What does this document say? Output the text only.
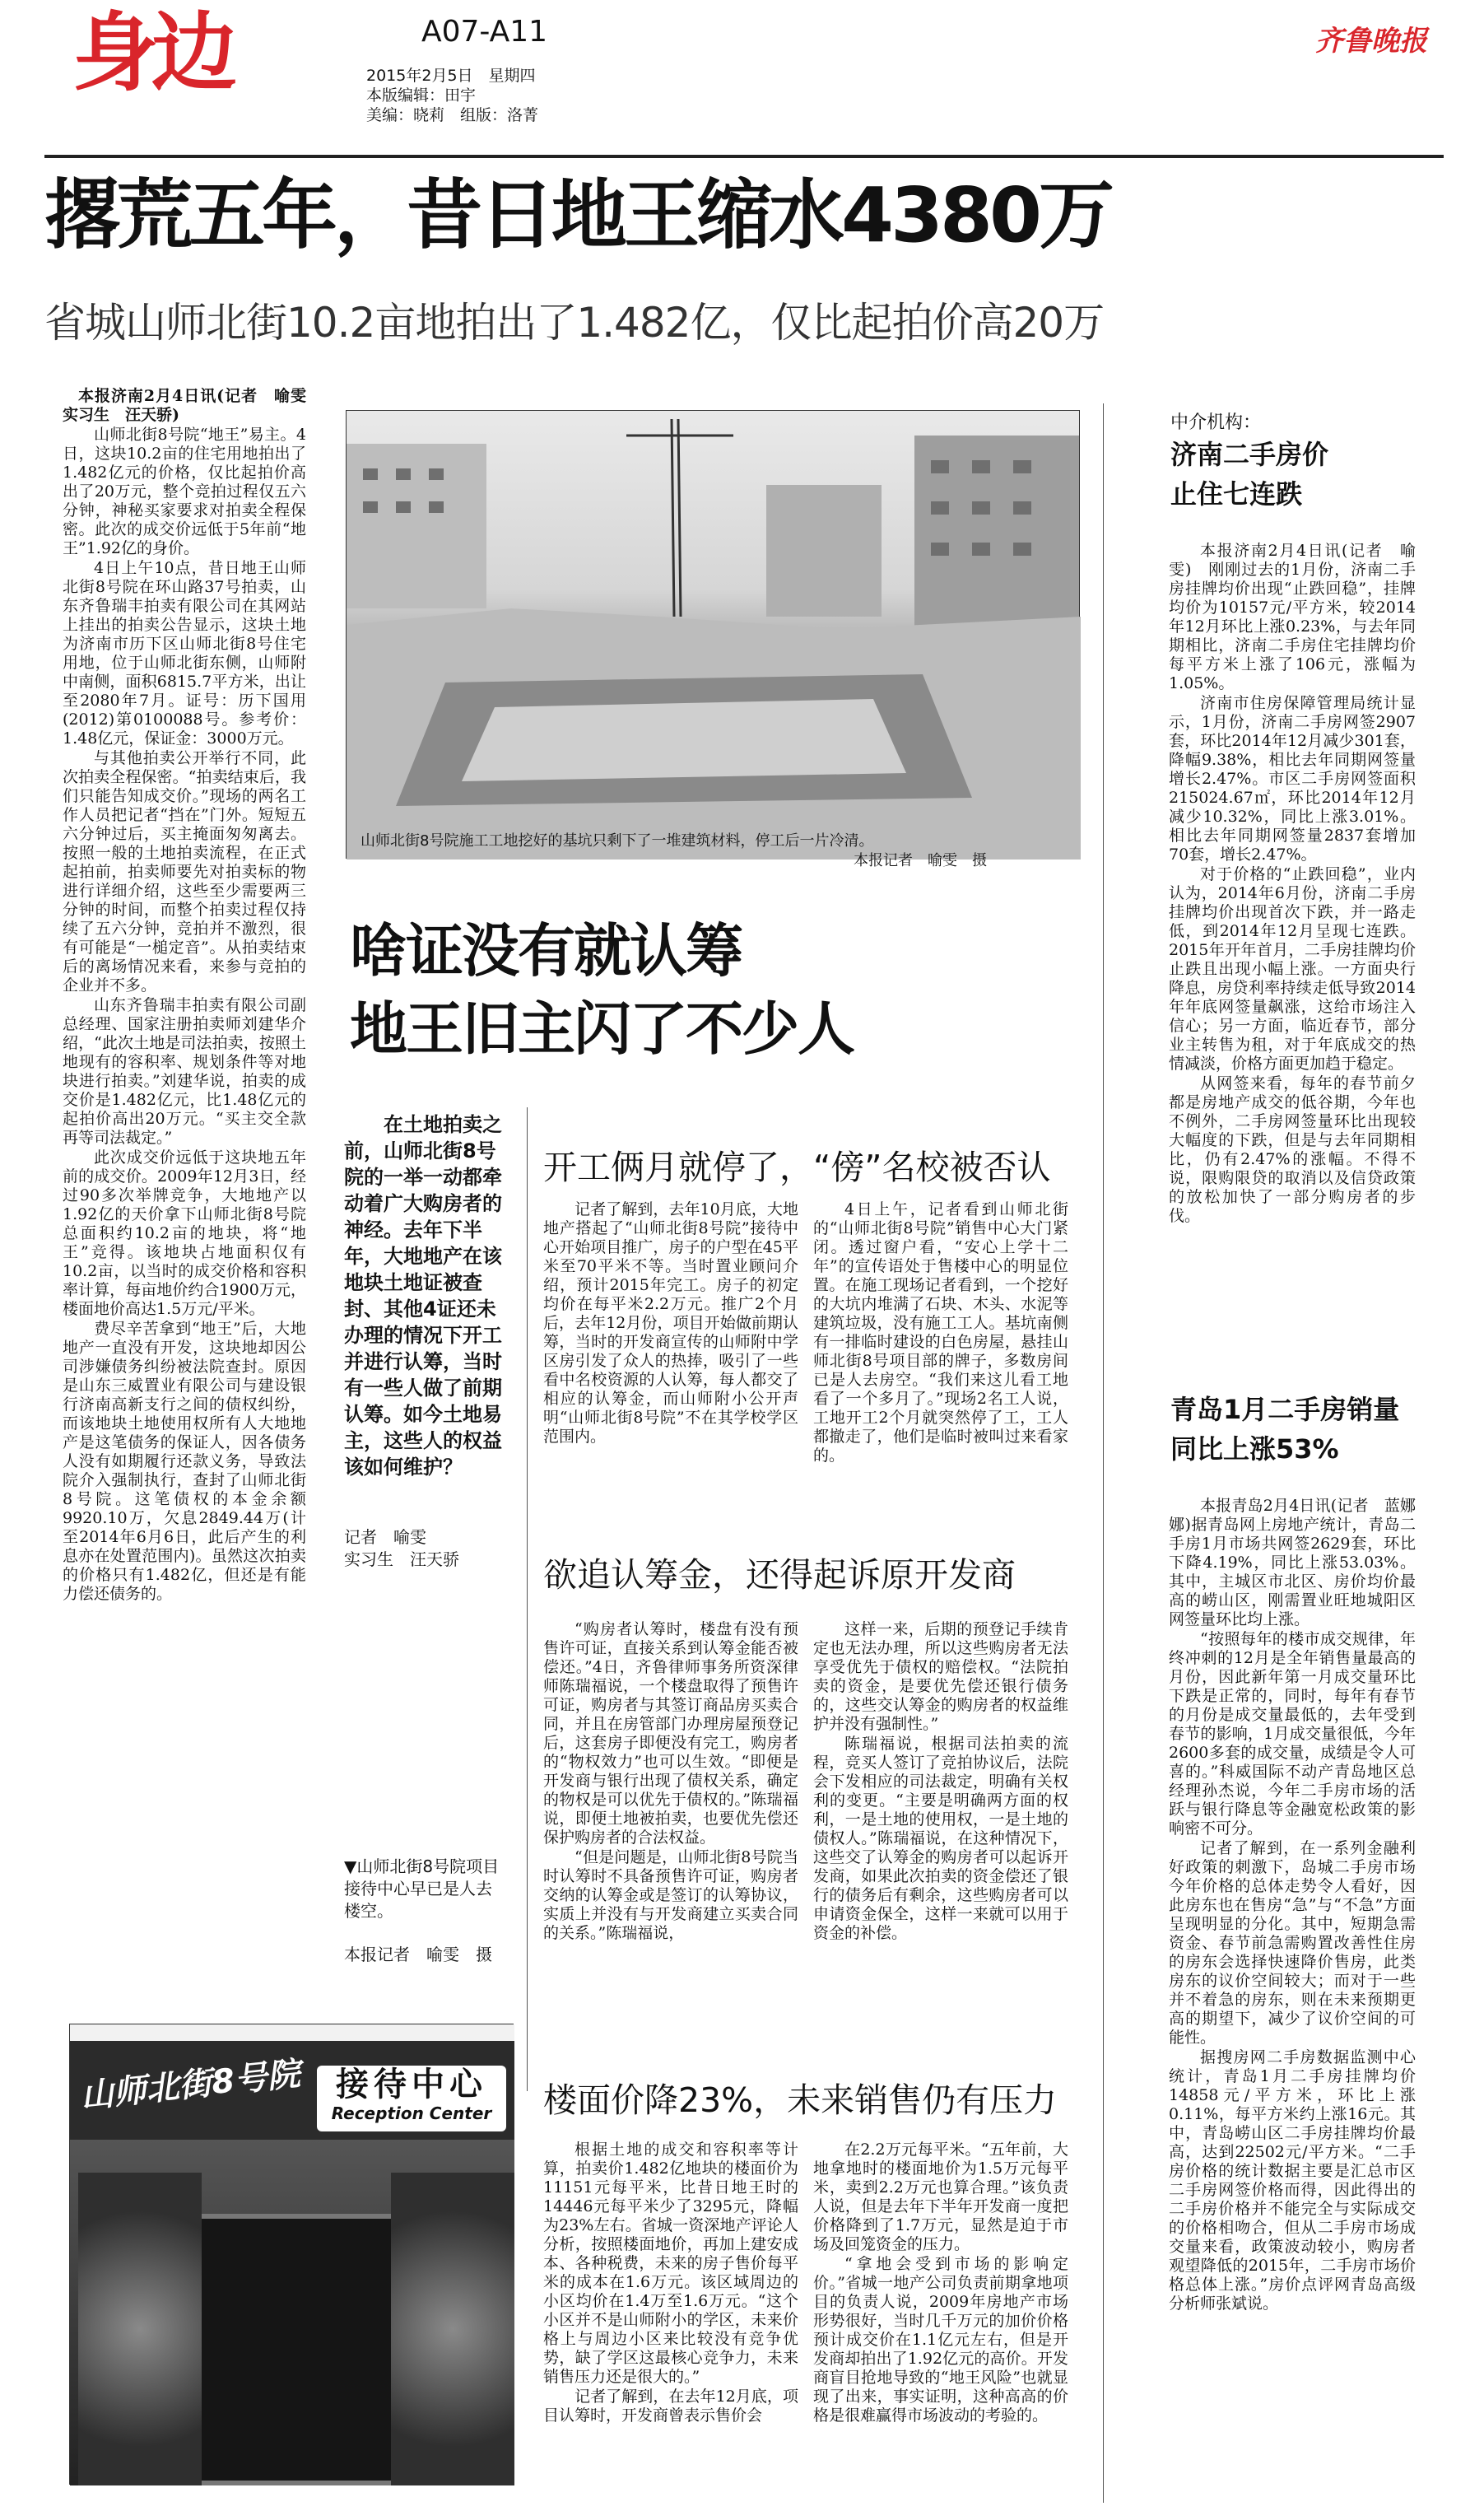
身边	A07-A11
2015年2月5日　星期四
本版编辑：田宇
美编：晓莉　组版：洛菁
齐鲁晚报
撂荒五年，昔日地王缩水4380万
省城山师北街10.2亩地拍出了1.482亿，仅比起拍价高20万

本报济南2月4日讯(记者　喻雯　实习生　汪天骄)

山师北街8号院“地王”易主。4日，这块10.2亩的住宅用地拍出了1.482亿元的价格，仅比起拍价高出了20万元，整个竞拍过程仅五六分钟，神秘买家要求对拍卖全程保密。此次的成交价远低于5年前“地王”1.92亿的身价。

4日上午10点，昔日地王山师北街8号院在环山路37号拍卖，山东齐鲁瑞丰拍卖有限公司在其网站上挂出的拍卖公告显示，这块土地为济南市历下区山师北街8号住宅用地，位于山师北街东侧，山师附中南侧，面积6815.7平方米，出让至2080年7月。证号：历下国用(2012)第0100088号。参考价：1.48亿元，保证金：3000万元。

与其他拍卖公开举行不同，此次拍卖全程保密。“拍卖结束后，我们只能告知成交价。”现场的两名工作人员把记者“挡在”门外。短短五六分钟过后，买主掩面匆匆离去。按照一般的土地拍卖流程，在正式起拍前，拍卖师要先对拍卖标的物进行详细介绍，这些至少需要两三分钟的时间，而整个拍卖过程仅持续了五六分钟，竞拍并不激烈，很有可能是“一槌定音”。从拍卖结束后的离场情况来看，来参与竞拍的企业并不多。

山东齐鲁瑞丰拍卖有限公司副总经理、国家注册拍卖师刘建华介绍，“此次土地是司法拍卖，按照土地现有的容积率、规划条件等对地块进行拍卖。”刘建华说，拍卖的成交价是1.482亿元，比1.48亿元的起拍价高出20万元。“买主交全款再等司法裁定。”

此次成交价远低于这块地五年前的成交价。2009年12月3日，经过90多次举牌竞争，大地地产以1.92亿的天价拿下山师北街8号院总面积约10.2亩的地块，将“地王”竞得。该地块占地面积仅有10.2亩，以当时的成交价格和容积率计算，每亩地价约合1900万元，楼面地价高达1.5万元/平米。

费尽辛苦拿到“地王”后，大地地产一直没有开发，这块地却因公司涉嫌债务纠纷被法院查封。原因是山东三威置业有限公司与建设银行济南高新支行之间的债权纠纷，而该地块土地使用权所有人大地地产是这笔债务的保证人，因各债务人没有如期履行还款义务，导致法院介入强制执行，查封了山师北街8号院。这笔债权的本金余额9920.10万，欠息2849.44万(计至2014年6月6日，此后产生的利息亦在处置范围内)。虽然这次拍卖的价格只有1.482亿，但还是有能力偿还债务的。

山师北街8号院施工工地挖好的基坑只剩下了一堆建筑材料，停工后一片冷清。
本报记者　喻雯　摄
啥证没有就认筹
地王旧主闪了不少人
在土地拍卖之前，山师北街8号院的一举一动都牵动着广大购房者的神经。去年下半年，大地地产在该地块土地证被查封、其他4证还未办理的情况下开工并进行认筹，当时有一些人做了前期认筹。如今土地易主，这些人的权益该如何维护？
记者　喻雯
实习生　汪天骄
▼山师北街8号院项目接待中心早已是人去楼空。
本报记者　喻雯　摄
开工俩月就停了，“傍”名校被否认

记者了解到，去年10月底，大地地产搭起了“山师北街8号院”接待中心开始项目推广，房子的户型在45平米至70平米不等。当时置业顾问介绍，预计2015年完工。房子的初定均价在每平米2.2万元。推广2个月后，去年12月份，项目开始做前期认筹，当时的开发商宣传的山师附中学区房引发了众人的热捧，吸引了一些看中名校资源的人认筹，每人都交了相应的认筹金，而山师附小公开声明“山师北街8号院”不在其学校学区范围内。

4日上午，记者看到山师北街的“山师北街8号院”销售中心大门紧闭。透过窗户看，“安心上学十二年”的宣传语处于售楼中心的明显位置。在施工现场记者看到，一个挖好的大坑内堆满了石块、木头、水泥等建筑垃圾，没有施工工人。基坑南侧有一排临时建设的白色房屋，悬挂山师北街8号项目部的牌子，多数房间已是人去房空。“我们来这儿看工地看了一个多月了。”现场2名工人说，工地开工2个月就突然停了工，工人都撤走了，他们是临时被叫过来看家的。

欲追认筹金，还得起诉原开发商

“购房者认筹时，楼盘有没有预售许可证，直接关系到认筹金能否被偿还。”4日，齐鲁律师事务所资深律师陈瑞福说，一个楼盘取得了预售许可证，购房者与其签订商品房买卖合同，并且在房管部门办理房屋预登记后，这套房子即便没有完工，购房者的“物权效力”也可以生效。“即便是开发商与银行出现了债权关系，确定的物权是可以优先于债权的。”陈瑞福说，即便土地被拍卖，也要优先偿还保护购房者的合法权益。

“但是问题是，山师北街8号院当时认筹时不具备预售许可证，购房者交纳的认筹金或是签订的认筹协议，实质上并没有与开发商建立买卖合同的关系。”陈瑞福说，

这样一来，后期的预登记手续肯定也无法办理，所以这些购房者无法享受优先于债权的赔偿权。“法院拍卖的资金，是要优先偿还银行债务的，这些交认筹金的购房者的权益维护并没有强制性。”

陈瑞福说，根据司法拍卖的流程，竞买人签订了竞拍协议后，法院会下发相应的司法裁定，明确有关权利的变更。“主要是明确两方面的权利，一是土地的使用权，一是土地的债权人。”陈瑞福说，在这种情况下，这些交了认筹金的购房者可以起诉开发商，如果此次拍卖的资金偿还了银行的债务后有剩余，这些购房者可以申请资金保全，这样一来就可以用于资金的补偿。

山师北街8号院	接待中心
Reception Center	楼面价降23%，未来销售仍有压力

根据土地的成交和容积率等计算，拍卖价1.482亿地块的楼面价为11151元每平米，比昔日地王时的14446元每平米少了3295元，降幅为23%左右。省城一资深地产评论人分析，按照楼面地价，再加上建安成本、各种税费，未来的房子售价每平米的成本在1.6万元。该区域周边的小区均价在1.4万至1.6万元。“这个小区并不是山师附小的学区，未来价格上与周边小区来比较没有竞争优势，缺了学区这最核心竞争力，未来销售压力还是很大的。”

记者了解到，在去年12月底，项目认筹时，开发商曾表示售价会

在2.2万元每平米。“五年前，大地拿地时的楼面地价为1.5万元每平米，卖到2.2万元也算合理。”该负责人说，但是去年下半年开发商一度把价格降到了1.7万元，显然是迫于市场及回笼资金的压力。

“拿地会受到市场的影响定价。”省城一地产公司负责前期拿地项目的负责人说，2009年房地产市场形势很好，当时几千万元的加价价格预计成交价在1.1亿元左右，但是开发商却拍出了1.92亿元的高价。开发商盲目抢地导致的“地王风险”也就显现了出来，事实证明，这种高高的价格是很难赢得市场波动的考验的。

中介机构：
济南二手房价
止住七连跌

本报济南2月4日讯(记者　喻雯)　刚刚过去的1月份，济南二手房挂牌均价出现“止跌回稳”，挂牌均价为10157元/平方米，较2014年12月环比上涨0.23%，与去年同期相比，济南二手房住宅挂牌均价每平方米上涨了106元，涨幅为1.05%。

济南市住房保障管理局统计显示，1月份，济南二手房网签2907套，环比2014年12月减少301套，降幅9.38%，相比去年同期网签量增长2.47%。市区二手房网签面积215024.67㎡，环比2014年12月减少10.32%，同比上涨3.01%。相比去年同期网签量2837套增加70套，增长2.47%。

对于价格的“止跌回稳”，业内认为，2014年6月份，济南二手房挂牌均价出现首次下跌，并一路走低，到2014年12月呈现七连跌。2015年开年首月，二手房挂牌均价止跌且出现小幅上涨。一方面央行降息，房贷利率持续走低导致2014年年底网签量飙涨，这给市场注入信心；另一方面，临近春节，部分业主转售为租，对于年底成交的热情减淡，价格方面更加趋于稳定。

从网签来看，每年的春节前夕都是房地产成交的低谷期，今年也不例外，二手房网签量环比出现较大幅度的下跌，但是与去年同期相比，仍有2.47%的涨幅。不得不说，限购限贷的取消以及信贷政策的放松加快了一部分购房者的步伐。

青岛1月二手房销量
同比上涨53%

本报青岛2月4日讯(记者　蓝娜娜)据青岛网上房地产统计，青岛二手房1月市场共网签2629套，环比下降4.19%，同比上涨53.03%。其中，主城区市北区、房价均价最高的崂山区，刚需置业旺地城阳区网签量环比均上涨。

“按照每年的楼市成交规律，年终冲刺的12月是全年销售量最高的月份，因此新年第一月成交量环比下跌是正常的，同时，每年有春节的月份是成交量最低的，去年受到春节的影响，1月成交量很低，今年2600多套的成交量，成绩是令人可喜的。”科威国际不动产青岛地区总经理孙杰说，今年二手房市场的活跃与银行降息等金融宽松政策的影响密不可分。

记者了解到，在一系列金融利好政策的刺激下，岛城二手房市场今年价格的总体走势令人看好，因此房东也在售房“急”与“不急”方面呈现明显的分化。其中，短期急需资金、春节前急需购置改善性住房的房东会选择快速降价售房，此类房东的议价空间较大；而对于一些并不着急的房东，则在未来预期更高的期望下，减少了议价空间的可能性。

据搜房网二手房数据监测中心统计，青岛1月二手房挂牌均价14858元/平方米，环比上涨0.11%，每平方米约上涨16元。其中，青岛崂山区二手房挂牌均价最高，达到22502元/平方米。“二手房价格的统计数据主要是汇总市区二手房网签价格而得，因此得出的二手房价格并不能完全与实际成交的价格相吻合，但从二手房市场成交量来看，政策波动较小，购房者观望降低的2015年，二手房市场价格总体上涨。”房价点评网青岛高级分析师张斌说。
